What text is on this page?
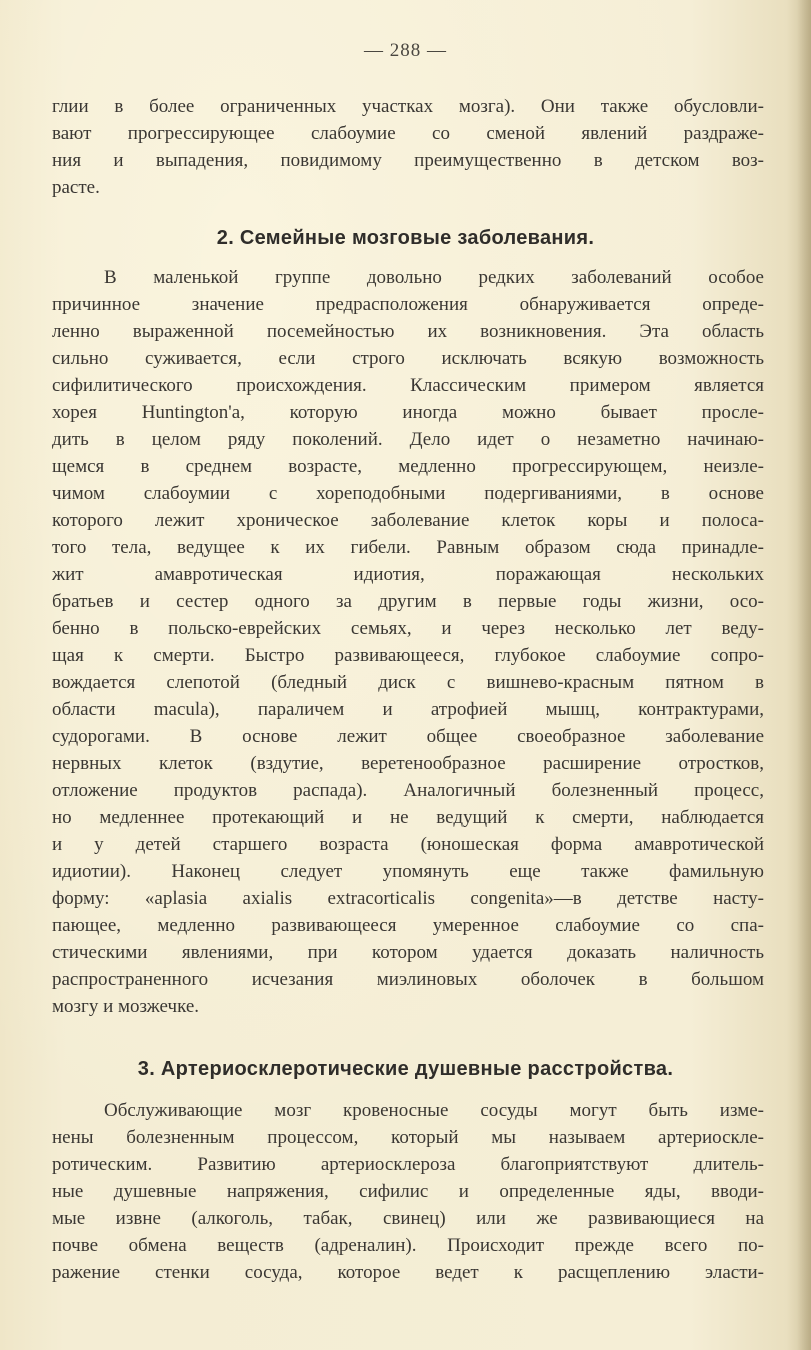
— 288 —
глии в более ограниченных участках мозга). Они также обусловли-
вают прогрессирующее слабоумие со сменой явлений раздраже-
ния и выпадения, повидимому преимущественно в детском воз-
расте.
2. Семейные мозговые заболевания.
В маленькой группе довольно редких заболеваний особое
причинное значение предрасположения обнаруживается опреде-
ленно выраженной посемейностью их возникновения. Эта область
сильно суживается, если строго исключать всякую возможность
сифилитического происхождения. Классическим примером является
хорея Huntington'a, которую иногда можно бывает просле-
дить в целом ряду поколений. Дело идет о незаметно начинаю-
щемся в среднем возрасте, медленно прогрессирующем, неизле-
чимом слабоумии с хореподобными подергиваниями, в основе
которого лежит хроническое заболевание клеток коры и полоса-
того тела, ведущее к их гибели. Равным образом сюда принадле-
жит амавротическая идиотия, поражающая нескольких
братьев и сестер одного за другим в первые годы жизни, осо-
бенно в польско-еврейских семьях, и через несколько лет веду-
щая к смерти. Быстро развивающееся, глубокое слабоумие сопро-
вождается слепотой (бледный диск с вишнево-красным пятном в
области macula), параличем и атрофией мышц, контрактурами,
судорогами. В основе лежит общее своеобразное заболевание
нервных клеток (вздутие, веретенообразное расширение отростков,
отложение продуктов распада). Аналогичный болезненный процесс,
но медленнее протекающий и не ведущий к смерти, наблюдается
и у детей старшего возраста (юношеская форма амавротической
идиотии). Наконец следует упомянуть еще также фамильную
форму: «aplasia axialis extracorticalis congenita»—в детстве насту-
пающее, медленно развивающееся умеренное слабоумие со спа-
стическими явлениями, при котором удается доказать наличность
распространенного исчезания миэлиновых оболочек в большом
мозгу и мозжечке.
3. Артериосклеротические душевные расстройства.
Обслуживающие мозг кровеносные сосуды могут быть изме-
нены болезненным процессом, который мы называем артериоскле-
ротическим. Развитию артериосклероза благоприятствуют длитель-
ные душевные напряжения, сифилис и определенные яды, вводи-
мые извне (алкоголь, табак, свинец) или же развивающиеся на
почве обмена веществ (адреналин). Происходит прежде всего по-
ражение стенки сосуда, которое ведет к расщеплению эласти-
